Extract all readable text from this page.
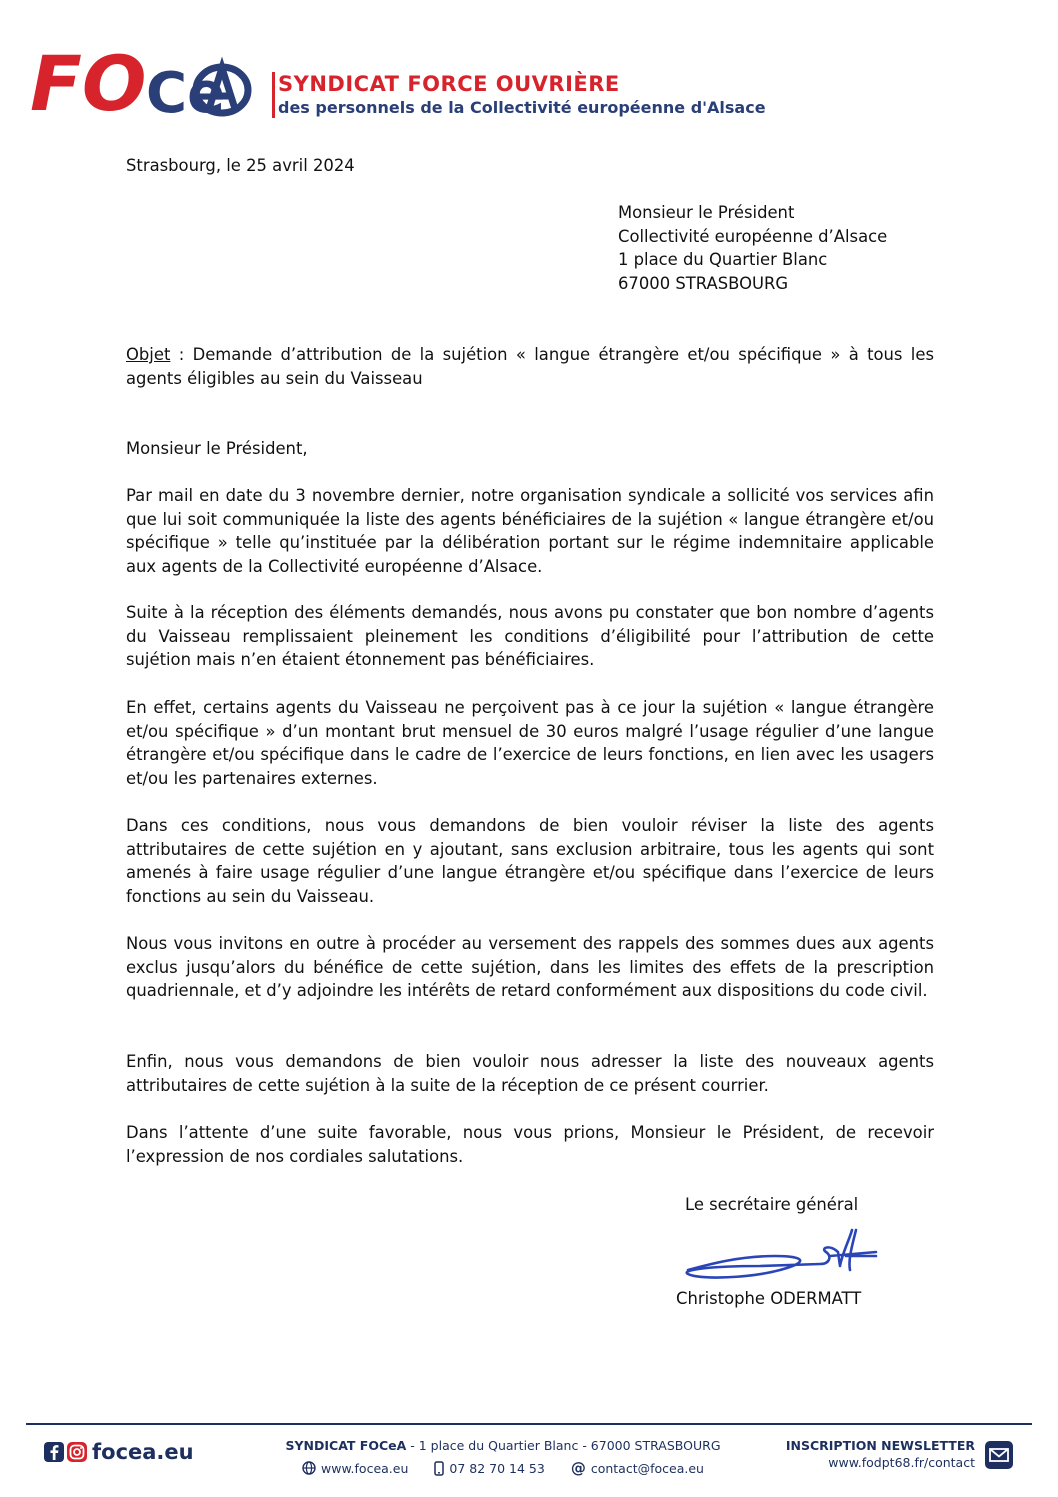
FO Ce	SYNDICAT FORCE OUVRIÈRE
des personnels de la Collectivité européenne d'Alsace
Strasbourg, le 25 avril 2024
Monsieur le Président
Collectivité européenne d’Alsace
1 place du Quartier Blanc
67000 STRASBOURG
Objet : Demande d’attribution de la sujétion « langue étrangère et/ou spécifique » à tous les agents éligibles au sein du Vaisseau
Monsieur le Président,
Par mail en date du 3 novembre dernier, notre organisation syndicale a sollicité vos services afin que lui soit communiquée la liste des agents bénéficiaires de la sujétion « langue étrangère et/ou spécifique » telle qu’instituée par la délibération portant sur le régime indemnitaire applicable aux agents de la Collectivité européenne d’Alsace.
Suite à la réception des éléments demandés, nous avons pu constater que bon nombre d’agents du Vaisseau remplissaient pleinement les conditions d’éligibilité pour l’attribution de cette sujétion mais n’en étaient étonnement pas bénéficiaires.
En effet, certains agents du Vaisseau ne perçoivent pas à ce jour la sujétion « langue étrangère et/ou spécifique » d’un montant brut mensuel de 30 euros malgré l’usage régulier d’une langue étrangère et/ou spécifique dans le cadre de l’exercice de leurs fonctions, en lien avec les usagers et/ou les partenaires externes.
Dans ces conditions, nous vous demandons de bien vouloir réviser la liste des agents attributaires de cette sujétion en y ajoutant, sans exclusion arbitraire, tous les agents qui sont amenés à faire usage régulier d’une langue étrangère et/ou spécifique dans l’exercice de leurs fonctions au sein du Vaisseau.
Nous vous invitons en outre à procéder au versement des rappels des sommes dues aux agents exclus jusqu’alors du bénéfice de cette sujétion, dans les limites des effets de la prescription quadriennale, et d’y adjoindre les intérêts de retard conformément aux dispositions du code civil.
Enfin, nous vous demandons de bien vouloir nous adresser la liste des nouveaux agents attributaires de cette sujétion à la suite de la réception de ce présent courrier.
Dans l’attente d’une suite favorable, nous vous prions, Monsieur le Président, de recevoir l’expression de nos cordiales salutations.
Le secrétaire général
Christophe ODERMATT
focea.eu	SYNDICAT FOCeA - 1 place du Quartier Blanc - 67000 STRASBOURG
www.focea.eu	07 82 70 14 53 @ contact@focea.eu
INSCRIPTION NEWSLETTER
www.fodpt68.fr/contact
